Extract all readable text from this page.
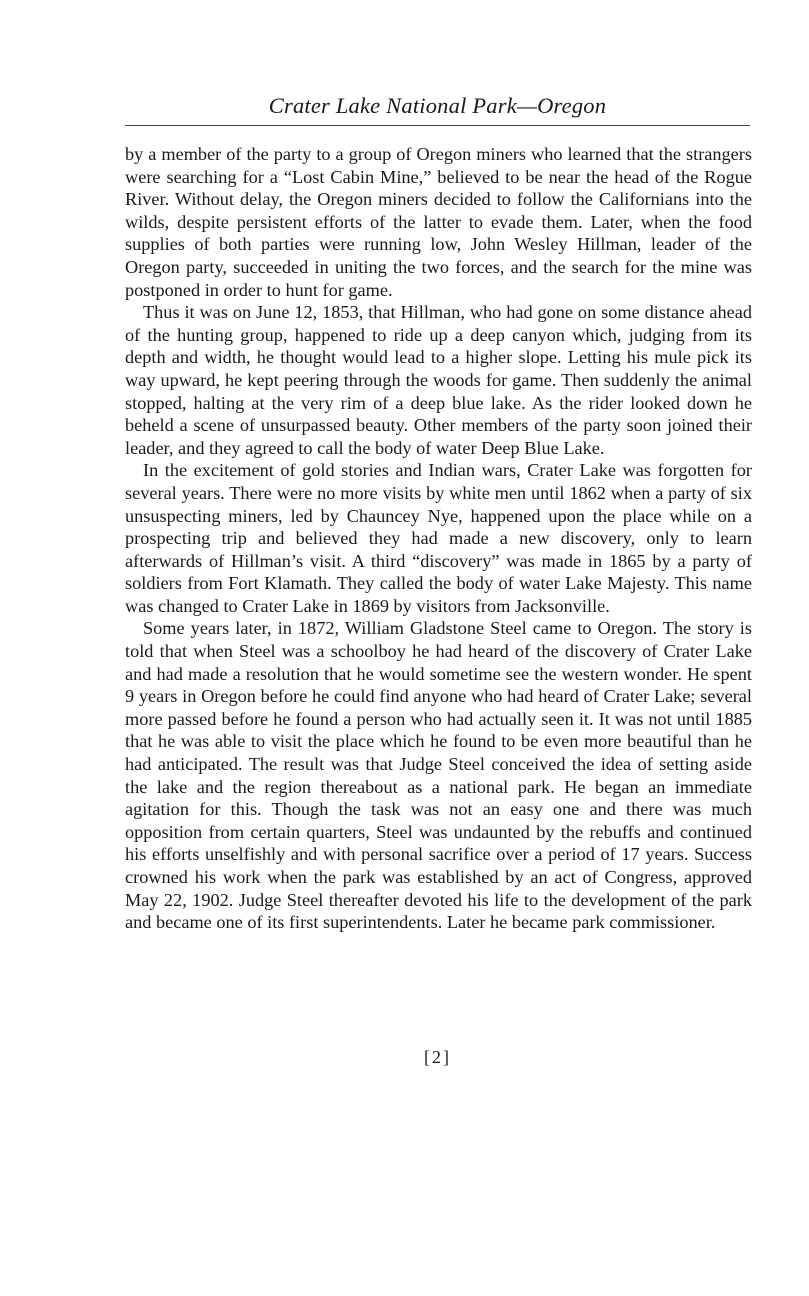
Crater Lake National Park—Oregon

by a member of the party to a group of Oregon miners who learned that the strangers were searching for a “Lost Cabin Mine,” believed to be near the head of the Rogue River. Without delay, the Oregon miners decided to follow the Californians into the wilds, despite persistent efforts of the latter to evade them. Later, when the food supplies of both parties were running low, John Wesley Hillman, leader of the Oregon party, succeeded in uniting the two forces, and the search for the mine was postponed in order to hunt for game.

Thus it was on June 12, 1853, that Hillman, who had gone on some distance ahead of the hunting group, happened to ride up a deep canyon which, judging from its depth and width, he thought would lead to a higher slope. Letting his mule pick its way upward, he kept peering through the woods for game. Then suddenly the animal stopped, halting at the very rim of a deep blue lake. As the rider looked down he beheld a scene of unsurpassed beauty. Other members of the party soon joined their leader, and they agreed to call the body of water Deep Blue Lake.

In the excitement of gold stories and Indian wars, Crater Lake was forgotten for several years. There were no more visits by white men until 1862 when a party of six unsuspecting miners, led by Chauncey Nye, happened upon the place while on a prospecting trip and believed they had made a new discovery, only to learn afterwards of Hillman’s visit. A third “discovery” was made in 1865 by a party of soldiers from Fort Klamath. They called the body of water Lake Majesty. This name was changed to Crater Lake in 1869 by visitors from Jacksonville.

Some years later, in 1872, William Gladstone Steel came to Oregon. The story is told that when Steel was a schoolboy he had heard of the discovery of Crater Lake and had made a resolution that he would sometime see the western wonder. He spent 9 years in Oregon before he could find anyone who had heard of Crater Lake; several more passed before he found a person who had actually seen it. It was not until 1885 that he was able to visit the place which he found to be even more beautiful than he had anticipated. The result was that Judge Steel conceived the idea of setting aside the lake and the region thereabout as a national park. He began an immediate agitation for this. Though the task was not an easy one and there was much opposition from certain quarters, Steel was undaunted by the rebuffs and continued his efforts unselfishly and with personal sacrifice over a period of 17 years. Success crowned his work when the park was established by an act of Congress, approved May 22, 1902. Judge Steel thereafter devoted his life to the development of the park and became one of its first superintendents. Later he became park commissioner.

[2]
